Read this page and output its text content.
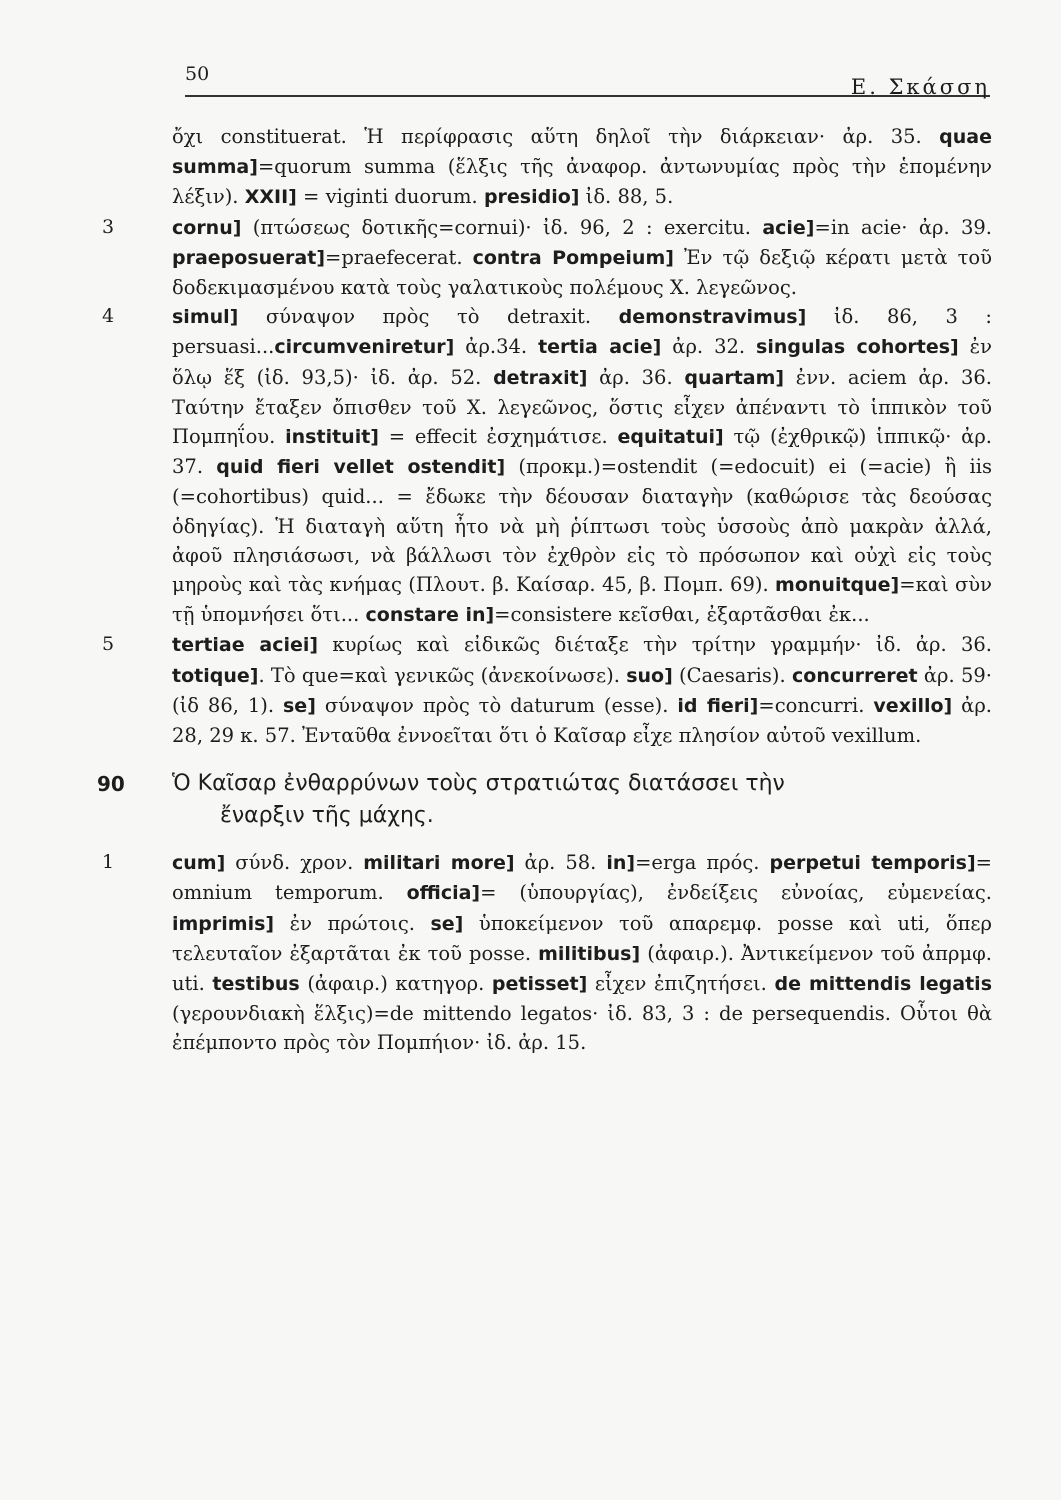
50
Ε. Σκάσση

ὄχι constituerat. Ἡ περίφρασις αὕτη δηλοῖ τὴν διάρκειαν· ἀρ. 35. quae summa]=quorum summa (ἕλξις τῆς ἀναφορ. ἀντωνυμίας πρὸς τὴν ἑπομένην λέξιν). XXII] = viginti duorum. presidio] ἰδ. 88, 5.

3	cornu] (πτώσεως δοτικῆς=cornui)· ἰδ. 96, 2 : exercitu. acie]=in acie· ἀρ. 39. praeposuerat]=praefecerat. contra Pompeium] Ἐν τῷ δεξιῷ κέρατι μετὰ τοῦ δοδεκιμασμένου κατὰ τοὺς γαλατικοὺς πολέμους Χ. λεγεῶνος.

4	simul] σύναψον πρὸς τὸ detraxit. demonstravimus] ἰδ. 86, 3 : persuasi...circumveniretur] ἀρ.34. tertia acie] ἀρ. 32. singulas cohortes] ἐν ὅλῳ ἕξ (ἰδ. 93,5)· ἰδ. ἀρ. 52. detraxit] ἀρ. 36. quartam] ἐνν. aciem ἀρ. 36. Ταύτην ἔταξεν ὄπισθεν τοῦ Χ. λεγεῶνος, ὅστις εἶχεν ἀπέναντι τὸ ἱππικὸν τοῦ Πομπηΐου. instituit] = effecit ἐσχημάτισε. equitatui] τῷ (ἐχθρικῷ) ἱππικῷ· ἀρ. 37. quid fieri vellet ostendit] (προκμ.)=ostendit (=edocuit) ei (=acie) ἢ iis (=cohortibus) quid... = ἔδωκε τὴν δέουσαν διαταγὴν (καθώρισε τὰς δεούσας ὁδηγίας). Ἡ διαταγὴ αὕτη ἦτο νὰ μὴ ῥίπτωσι τοὺς ὑσσοὺς ἀπὸ μακρὰν ἀλλά, ἀφοῦ πλησιάσωσι, νὰ βάλλωσι τὸν ἐχθρὸν εἰς τὸ πρόσωπον καὶ οὐχὶ εἰς τοὺς μηροὺς καὶ τὰς κνήμας (Πλουτ. β. Καίσαρ. 45, β. Πομπ. 69). monuitque]=καὶ σὺν τῇ ὑπομνήσει ὅτι... constare in]=consistere κεῖσθαι, ἐξαρτᾶσθαι ἐκ...

5	tertiae aciei] κυρίως καὶ εἰδικῶς διέταξε τὴν τρίτην γραμμήν· ἰδ. ἀρ. 36. totique]. Τὸ que=καὶ γενικῶς (ἀνεκοίνωσε). suo] (Caesaris). concurreret ἀρ. 59· (ἰδ 86, 1). se] σύναψον πρὸς τὸ daturum (esse). id fieri]=concurri. vexillo] ἀρ. 28, 29 κ. 57. Ἐνταῦθα ἐννοεῖται ὅτι ὁ Καῖσαρ εἶχε πλησίον αὐτοῦ vexillum.

90 Ὁ Καῖσαρ ἐνθαρρύνων τοὺς στρατιώτας διατάσσει τὴν
ἔναρξιν τῆς μάχης.

1	cum] σύνδ. χρον. militari more] ἀρ. 58. in]=erga πρός. perpetui temporis]= omnium temporum. officia]= (ὑπουργίας), ἐνδείξεις εὐνοίας, εὐμενείας. imprimis] ἐν πρώτοις. se] ὑποκείμενον τοῦ απαρεμφ. posse καὶ uti, ὅπερ τελευταῖον ἐξαρτᾶται ἐκ τοῦ posse. militibus] (ἀφαιρ.). Ἀντικείμενον τοῦ ἀπρμφ. uti. testibus (ἀφαιρ.) κατηγορ. petisset] εἶχεν ἐπιζητήσει. de mittendis legatis (γερουνδιακὴ ἕλξις)=de mittendo legatos· ἰδ. 83, 3 : de persequendis. Οὗτοι θὰ ἐπέμποντο πρὸς τὸν Πομπήιον· ἰδ. ἀρ. 15.
